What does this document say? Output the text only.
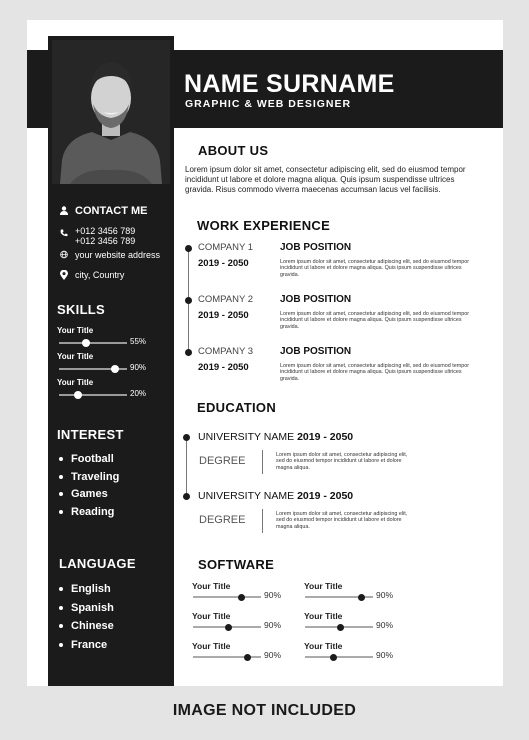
NAME SURNAME
GRAPHIC & WEB DESIGNER
CONTACT ME
+012 3456 789
+012 3456 789
your website address
city, Country
SKILLS
Your Title
55%
Your Title
90%
Your Title
20%
INTEREST
Football
Traveling
Games
Reading
LANGUAGE
English
Spanish
Chinese
France
ABOUT US
Lorem ipsum dolor sit amet, consectetur adipiscing elit, sed do eiusmod tempor incididunt ut labore et dolore magna aliqua. Quis ipsum suspendisse ultrices gravida. Risus commodo viverra maecenas accumsan lacus vel facilisis.
WORK EXPERIENCE
COMPANY 1
2019 - 2050
JOB POSITION
Lorem ipsum dolor sit amet, consectetur adipiscing elit, sed do eiusmod tempor incididunt ut labore et dolore magna aliqua. Quis ipsum suspendisse ultrices gravida.
COMPANY 2
2019 - 2050
JOB POSITION
Lorem ipsum dolor sit amet, consectetur adipiscing elit, sed do eiusmod tempor incididunt ut labore et dolore magna aliqua. Quis ipsum suspendisse ultrices gravida.
COMPANY 3
2019 - 2050
JOB POSITION
Lorem ipsum dolor sit amet, consectetur adipiscing elit, sed do eiusmod tempor incididunt ut labore et dolore magna aliqua. Quis ipsum suspendisse ultrices gravida.
EDUCATION
UNIVERSITY NAME 2019 - 2050
DEGREE	Lorem ipsum dolor sit amet, consectetur adipiscing elit, sed do eiusmod tempor incididunt ut labore et dolore magna aliqua.
UNIVERSITY NAME 2019 - 2050
DEGREE	Lorem ipsum dolor sit amet, consectetur adipiscing elit, sed do eiusmod tempor incididunt ut labore et dolore magna aliqua.
SOFTWARE
Your Title
90%
Your Title
90%
Your Title
90%
Your Title
90%
Your Title
90%
Your Title
90%
IMAGE NOT INCLUDED
